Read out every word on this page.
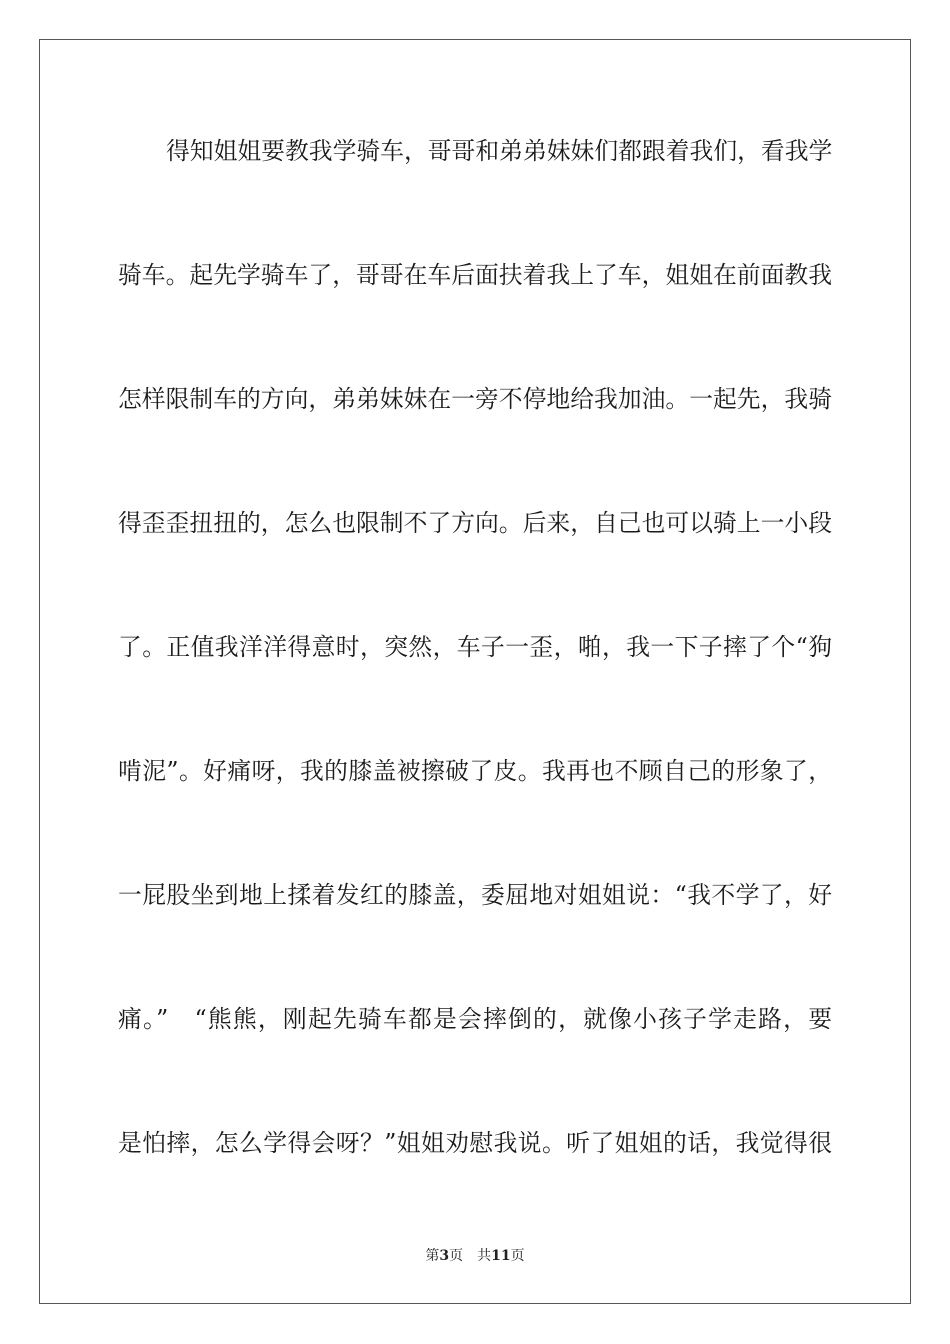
得知姐姐要教我学骑车，哥哥和弟弟妹妹们都跟着我们，看我学
骑车。起先学骑车了，哥哥在车后面扶着我上了车，姐姐在前面教我
怎样限制车的方向，弟弟妹妹在一旁不停地给我加油。一起先，我骑
得歪歪扭扭的，怎么也限制不了方向。后来，自己也可以骑上一小段
了。正值我洋洋得意时，突然，车子一歪，啪，我一下子摔了个“狗
啃泥”。好痛呀，我的膝盖被擦破了皮。我再也不顾自己的形象了，
一屁股坐到地上揉着发红的膝盖，委屈地对姐姐说：“我不学了，好
痛。”　“熊熊，刚起先骑车都是会摔倒的，就像小孩子学走路，要
是怕摔，怎么学得会呀？”姐姐劝慰我说。听了姐姐的话，我觉得很
第3页 共11页
